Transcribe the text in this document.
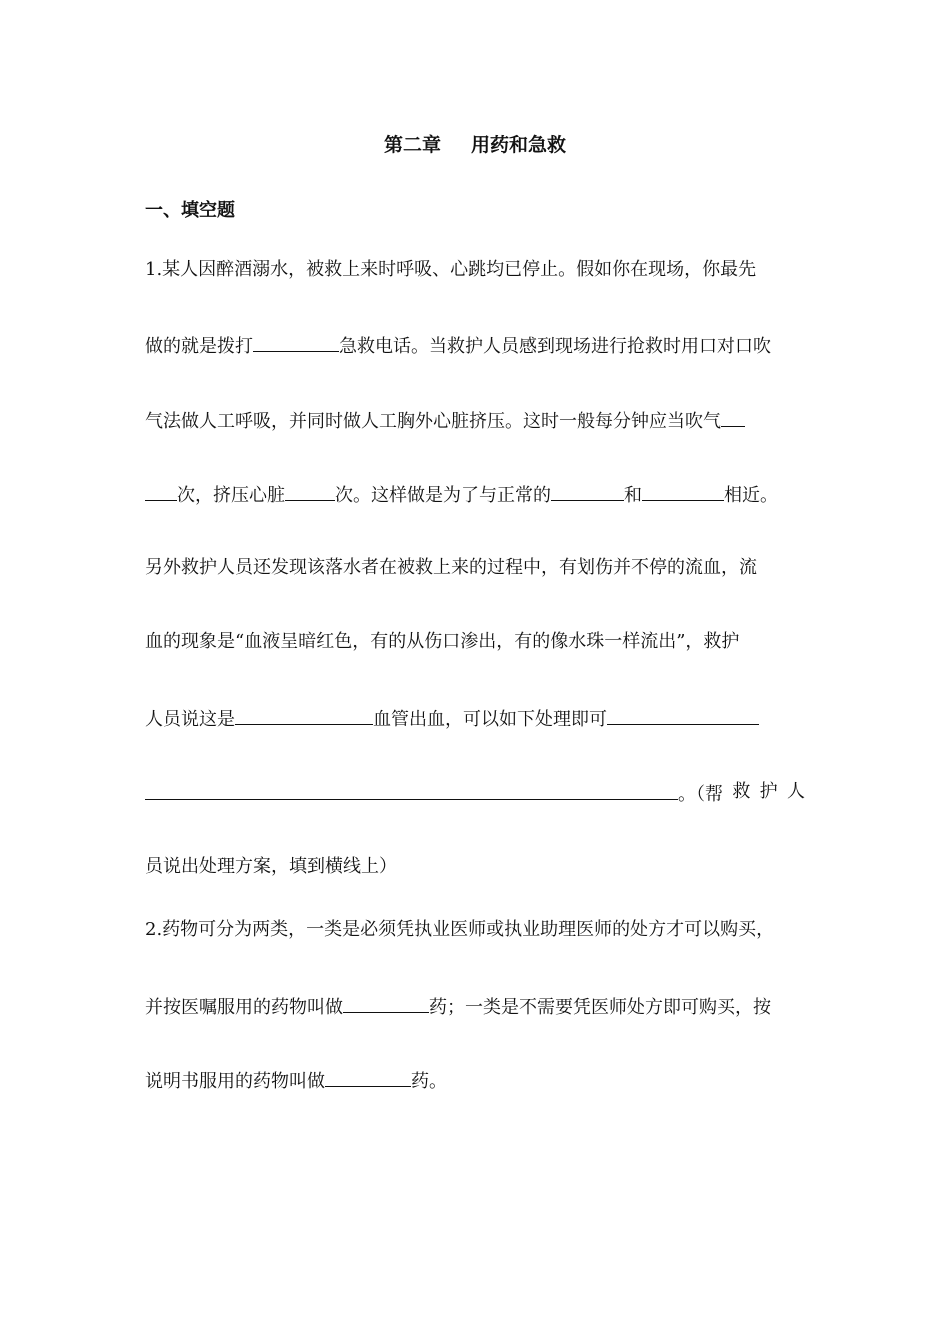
第二章 用药和急救
一、填空题
1.某人因醉酒溺水，被救上来时呼吸、心跳均已停止。假如你在现场，你最先
做的就是拨打	急救电话。当救护人员感到现场进行抢救时用口对口吹
气法做人工呼吸，并同时做人工胸外心脏挤压。这时一般每分钟应当吹气
次，挤压心脏	次。这样做是为了与正常的	和	相近。
另外救护人员还发现该落水者在被救上来的过程中，有划伤并不停的流血，流
血的现象是“血液呈暗红色，有的从伤口渗出，有的像水珠一样流出”，救护
人员说这是	血管出血，可以如下处理即可
。（帮 救 护 人
员说出处理方案，填到横线上）
2.药物可分为两类，一类是必须凭执业医师或执业助理医师的处方才可以购买，
并按医嘱服用的药物叫做	药；一类是不需要凭医师处方即可购买，按
说明书服用的药物叫做	药。
